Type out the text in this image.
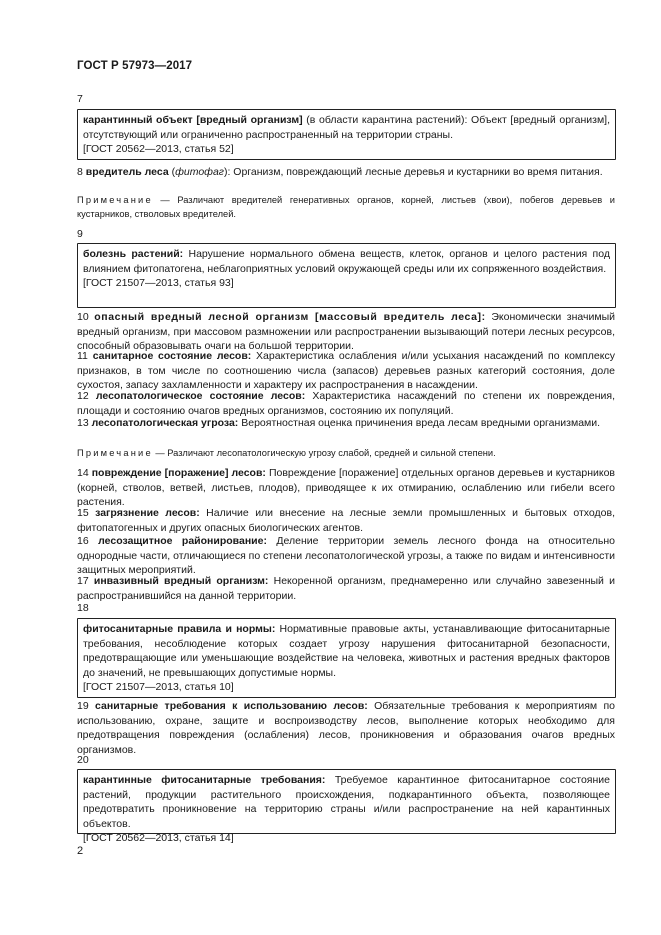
ГОСТ Р 57973—2017
7
карантинный объект [вредный организм] (в области карантина растений): Объект [вредный организм], отсутствующий или ограниченно распространенный на территории страны.
[ГОСТ 20562—2013, статья 52]
8 вредитель леса (фитофаг): Организм, повреждающий лесные деревья и кустарники во время питания.
Примечание — Различают вредителей генеративных органов, корней, листьев (хвои), побегов деревьев и кустарников, стволовых вредителей.
9
болезнь растений: Нарушение нормального обмена веществ, клеток, органов и целого растения под влиянием фитопатогена, неблагоприятных условий окружающей среды или их сопряженного воздействия.
[ГОСТ 21507—2013, статья 93]
10 опасный вредный лесной организм [массовый вредитель леса]: Экономически значимый вредный организм, при массовом размножении или распространении вызывающий потери лесных ресурсов, способный образовывать очаги на большой территории.
11 санитарное состояние лесов: Характеристика ослабления и/или усыхания насаждений по комплексу признаков, в том числе по соотношению числа (запасов) деревьев разных категорий состояния, доле сухостоя, запасу захламленности и характеру их распространения в насаждении.
12 лесопатологическое состояние лесов: Характеристика насаждений по степени их повреждения, площади и состоянию очагов вредных организмов, состоянию их популяций.
13 лесопатологическая угроза: Вероятностная оценка причинения вреда лесам вредными организмами.
Примечание — Различают лесопатологическую угрозу слабой, средней и сильной степени.
14 повреждение [поражение] лесов: Повреждение [поражение] отдельных органов деревьев и кустарников (корней, стволов, ветвей, листьев, плодов), приводящее к их отмиранию, ослаблению или гибели всего растения.
15 загрязнение лесов: Наличие или внесение на лесные земли промышленных и бытовых отходов, фитопатогенных и других опасных биологических агентов.
16 лесозащитное районирование: Деление территории земель лесного фонда на относительно однородные части, отличающиеся по степени лесопатологической угрозы, а также по видам и интенсивности защитных мероприятий.
17 инвазивный вредный организм: Некоренной организм, преднамеренно или случайно завезенный и распространившийся на данной территории.
18
фитосанитарные правила и нормы: Нормативные правовые акты, устанавливающие фитосанитарные требования, несоблюдение которых создает угрозу нарушения фитосанитарной безопасности, предотвращающие или уменьшающие воздействие на человека, животных и растения вредных факторов до значений, не превышающих допустимые нормы.
[ГОСТ 21507—2013, статья 10]
19 санитарные требования к использованию лесов: Обязательные требования к мероприятиям по использованию, охране, защите и воспроизводству лесов, выполнение которых необходимо для предотвращения повреждения (ослабления) лесов, проникновения и образования очагов вредных организмов.
20
карантинные фитосанитарные требования: Требуемое карантинное фитосанитарное состояние растений, продукции растительного происхождения, подкарантинного объекта, позволяющее предотвратить проникновение на территорию страны и/или распространение на ней карантинных объектов.
[ГОСТ 20562—2013, статья 14]
2
